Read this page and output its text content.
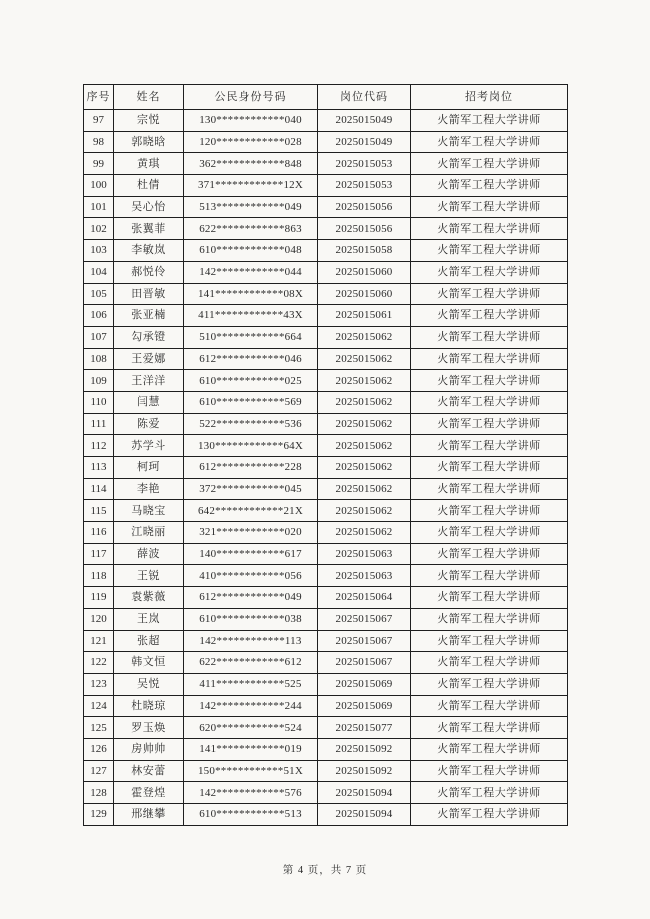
序号	姓名	公民身份号码	岗位代码	招考岗位
97	宗悦	130************040	2025015049	火箭军工程大学讲师
98	郭晓晗	120************028	2025015049	火箭军工程大学讲师
99	黄琪	362************848	2025015053	火箭军工程大学讲师
100	杜倩	371************12X	2025015053	火箭军工程大学讲师
101	吴心怡	513************049	2025015056	火箭军工程大学讲师
102	张翼菲	622************863	2025015056	火箭军工程大学讲师
103	李敏岚	610************048	2025015058	火箭军工程大学讲师
104	郝悦伶	142************044	2025015060	火箭军工程大学讲师
105	田晋敏	141************08X	2025015060	火箭军工程大学讲师
106	张亚楠	411************43X	2025015061	火箭军工程大学讲师
107	勾承镫	510************664	2025015062	火箭军工程大学讲师
108	王爱娜	612************046	2025015062	火箭军工程大学讲师
109	王洋洋	610************025	2025015062	火箭军工程大学讲师
110	闫慧	610************569	2025015062	火箭军工程大学讲师
111	陈爱	522************536	2025015062	火箭军工程大学讲师
112	苏学斗	130************64X	2025015062	火箭军工程大学讲师
113	柯珂	612************228	2025015062	火箭军工程大学讲师
114	李艳	372************045	2025015062	火箭军工程大学讲师
115	马晓宝	642************21X	2025015062	火箭军工程大学讲师
116	江晓丽	321************020	2025015062	火箭军工程大学讲师
117	薛波	140************617	2025015063	火箭军工程大学讲师
118	王锐	410************056	2025015063	火箭军工程大学讲师
119	袁紫薇	612************049	2025015064	火箭军工程大学讲师
120	王岚	610************038	2025015067	火箭军工程大学讲师
121	张超	142************113	2025015067	火箭军工程大学讲师
122	韩文恒	622************612	2025015067	火箭军工程大学讲师
123	吴悦	411************525	2025015069	火箭军工程大学讲师
124	杜晓琼	142************244	2025015069	火箭军工程大学讲师
125	罗玉焕	620************524	2025015077	火箭军工程大学讲师
126	房帅帅	141************019	2025015092	火箭军工程大学讲师
127	林安蕾	150************51X	2025015092	火箭军工程大学讲师
128	霍登煌	142************576	2025015094	火箭军工程大学讲师
129	邢继攀	610************513	2025015094	火箭军工程大学讲师
第 4 页，共 7 页
